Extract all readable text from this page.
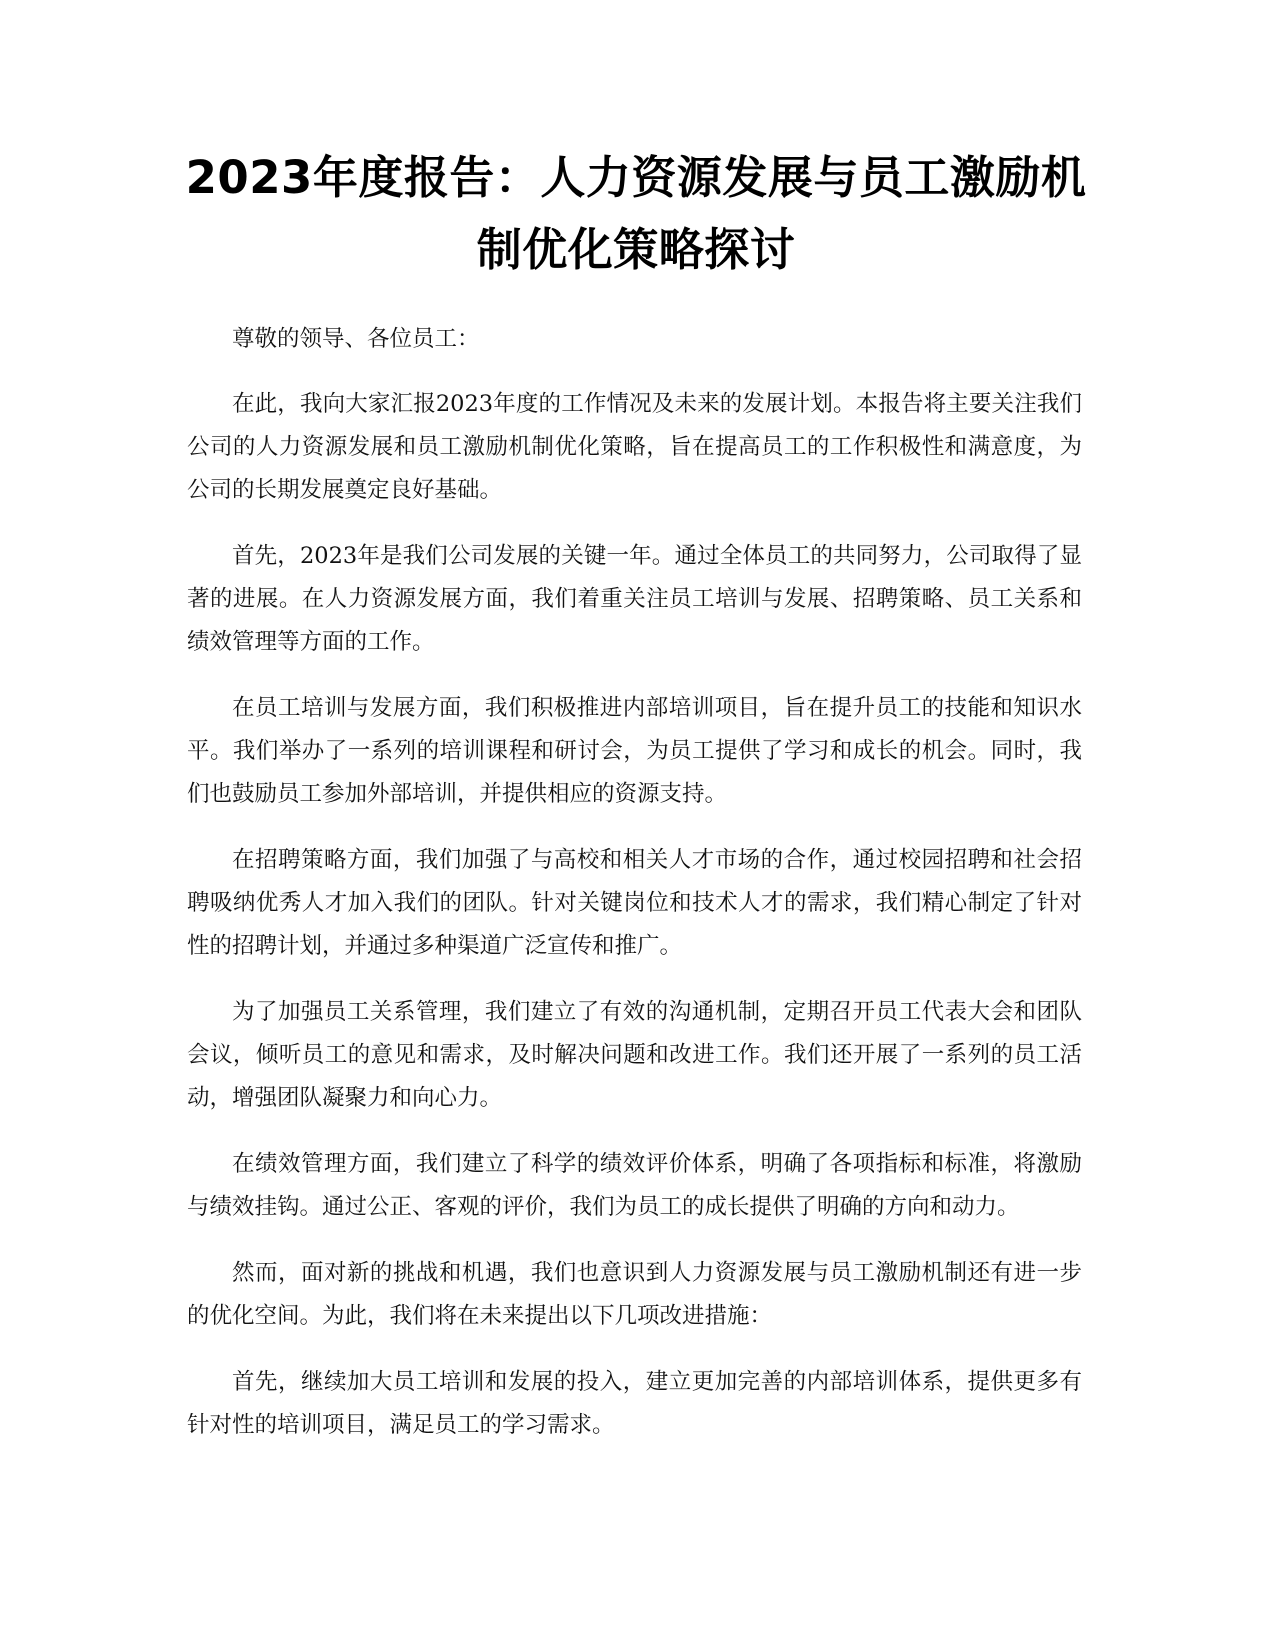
2023年度报告：人力资源发展与员工激励机
制优化策略探讨

尊敬的领导、各位员工：

在此，我向大家汇报2023年度的工作情况及未来的发展计划。本报告将主要关注我们公司的人力资源发展和员工激励机制优化策略，旨在提高员工的工作积极性和满意度，为公司的长期发展奠定良好基础。

首先，2023年是我们公司发展的关键一年。通过全体员工的共同努力，公司取得了显著的进展。在人力资源发展方面，我们着重关注员工培训与发展、招聘策略、员工关系和绩效管理等方面的工作。

在员工培训与发展方面，我们积极推进内部培训项目，旨在提升员工的技能和知识水平。我们举办了一系列的培训课程和研讨会，为员工提供了学习和成长的机会。同时，我们也鼓励员工参加外部培训，并提供相应的资源支持。

在招聘策略方面，我们加强了与高校和相关人才市场的合作，通过校园招聘和社会招聘吸纳优秀人才加入我们的团队。针对关键岗位和技术人才的需求，我们精心制定了针对性的招聘计划，并通过多种渠道广泛宣传和推广。

为了加强员工关系管理，我们建立了有效的沟通机制，定期召开员工代表大会和团队会议，倾听员工的意见和需求，及时解决问题和改进工作。我们还开展了一系列的员工活动，增强团队凝聚力和向心力。

在绩效管理方面，我们建立了科学的绩效评价体系，明确了各项指标和标准，将激励与绩效挂钩。通过公正、客观的评价，我们为员工的成长提供了明确的方向和动力。

然而，面对新的挑战和机遇，我们也意识到人力资源发展与员工激励机制还有进一步的优化空间。为此，我们将在未来提出以下几项改进措施：

首先，继续加大员工培训和发展的投入，建立更加完善的内部培训体系，提供更多有针对性的培训项目，满足员工的学习需求。
